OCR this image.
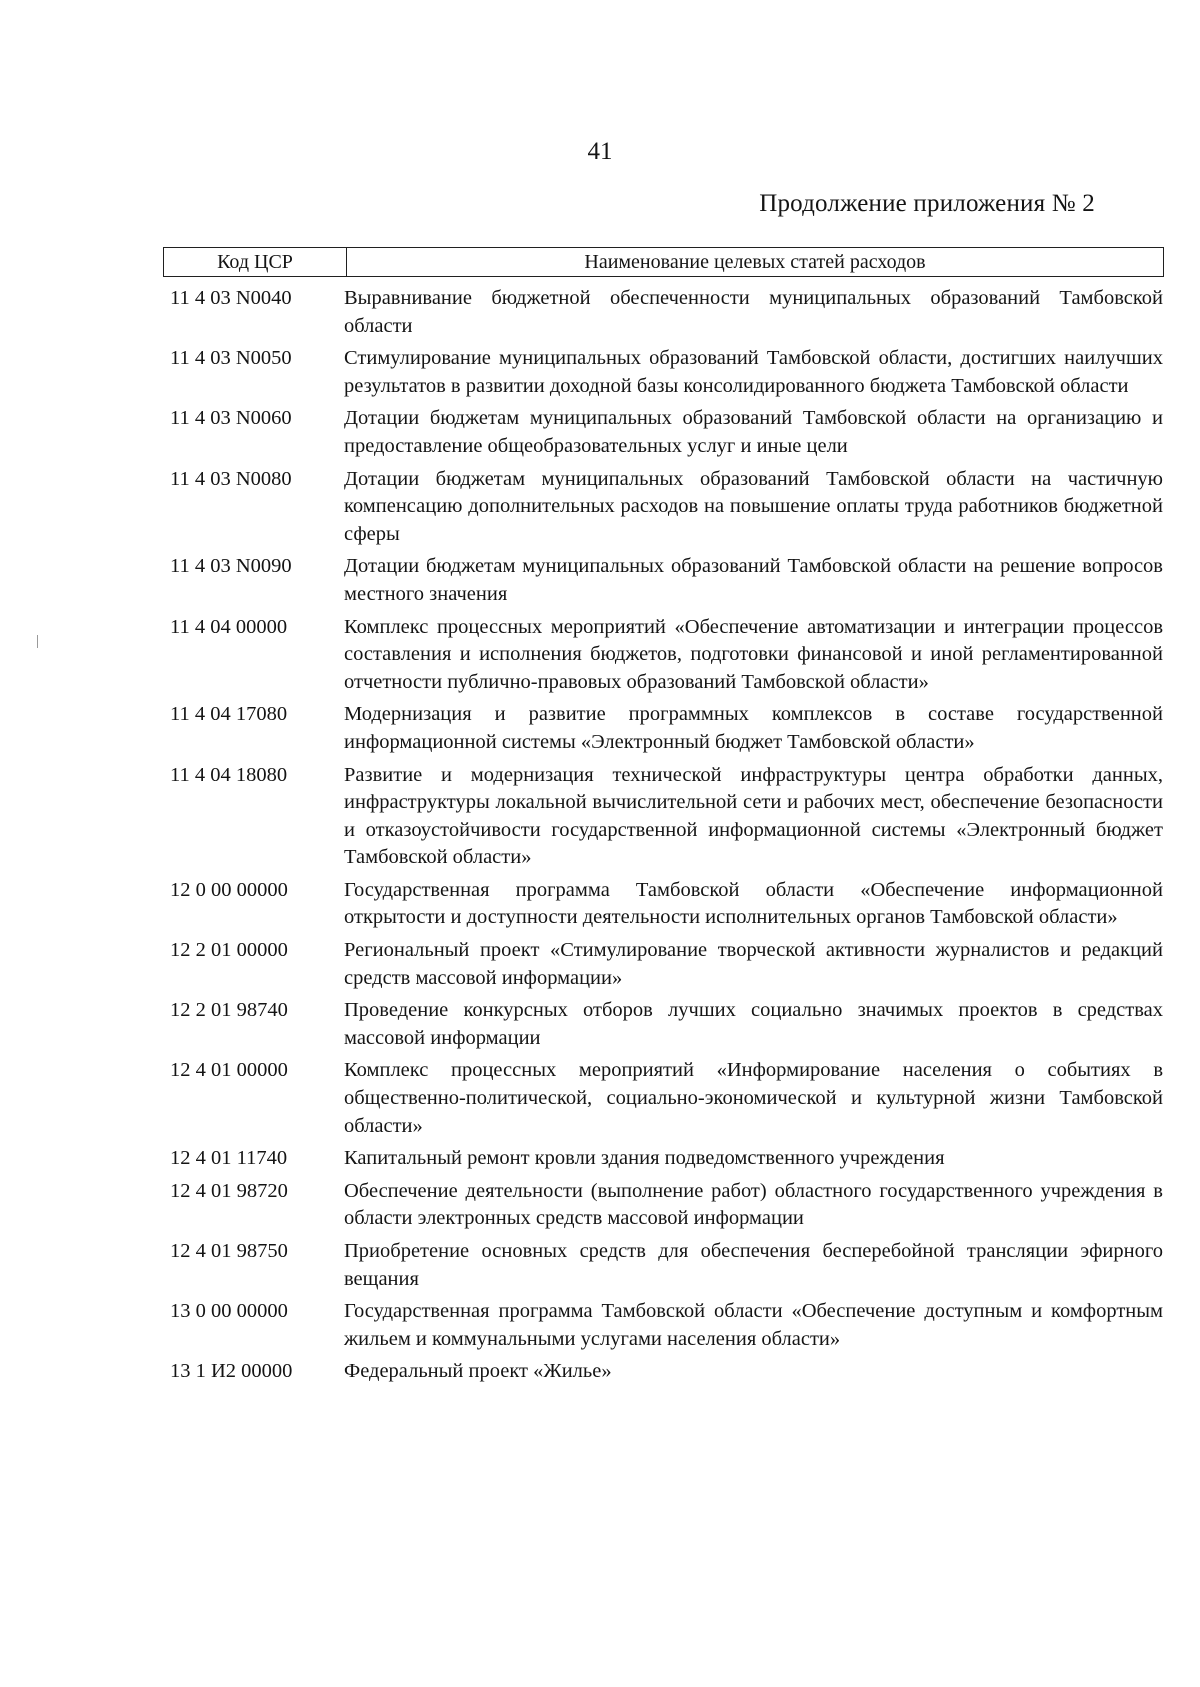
41
Продолжение приложения № 2
Код ЦСР	Наименование целевых статей расходов
11 4 03 N0040	Выравнивание бюджетной обеспеченности муниципальных образований Тамбовской области
11 4 03 N0050	Стимулирование муниципальных образований Тамбовской области, достигших наилучших результатов в развитии доходной базы консолидированного бюджета Тамбовской области
11 4 03 N0060	Дотации бюджетам муниципальных образований Тамбовской области на организацию и предоставление общеобразовательных услуг и иные цели
11 4 03 N0080	Дотации бюджетам муниципальных образований Тамбовской области на частичную компенсацию дополнительных расходов на повышение оплаты труда работников бюджетной сферы
11 4 03 N0090	Дотации бюджетам муниципальных образований Тамбовской области на решение вопросов местного значения
11 4 04 00000	Комплекс процессных мероприятий «Обеспечение автоматизации и интеграции процессов составления и исполнения бюджетов, подготовки финансовой и иной регламентированной отчетности публично-правовых образований Тамбовской области»
11 4 04 17080	Модернизация и развитие программных комплексов в составе государственной информационной системы «Электронный бюджет Тамбовской области»
11 4 04 18080	Развитие и модернизация технической инфраструктуры центра обработки данных, инфраструктуры локальной вычислительной сети и рабочих мест, обеспечение безопасности и отказоустойчивости государственной информационной системы «Электронный бюджет Тамбовской области»
12 0 00 00000	Государственная программа Тамбовской области «Обеспечение информационной открытости и доступности деятельности исполнительных органов Тамбовской области»
12 2 01 00000	Региональный проект «Стимулирование творческой активности журналистов и редакций средств массовой информации»
12 2 01 98740	Проведение конкурсных отборов лучших социально значимых проектов в средствах массовой информации
12 4 01 00000	Комплекс процессных мероприятий «Информирование населения о событиях в общественно-политической, социально-экономической и культурной жизни Тамбовской области»
12 4 01 11740	Капитальный ремонт кровли здания подведомственного учреждения
12 4 01 98720	Обеспечение деятельности (выполнение работ) областного государственного учреждения в области электронных средств массовой информации
12 4 01 98750	Приобретение основных средств для обеспечения бесперебойной трансляции эфирного вещания
13 0 00 00000	Государственная программа Тамбовской области «Обеспечение доступным и комфортным жильем и коммунальными услугами населения области»
13 1 И2 00000	Федеральный проект «Жилье»
